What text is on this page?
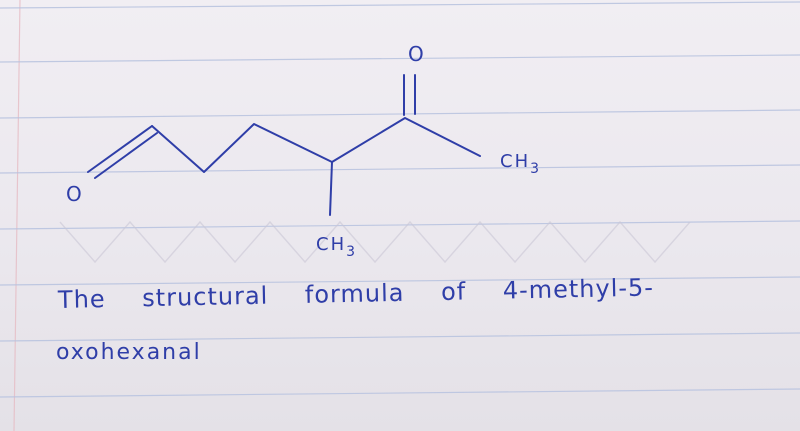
O
O
$CH_3$
$CH_3$

The structural formula of 4-methyl-5-

oxohexanal
